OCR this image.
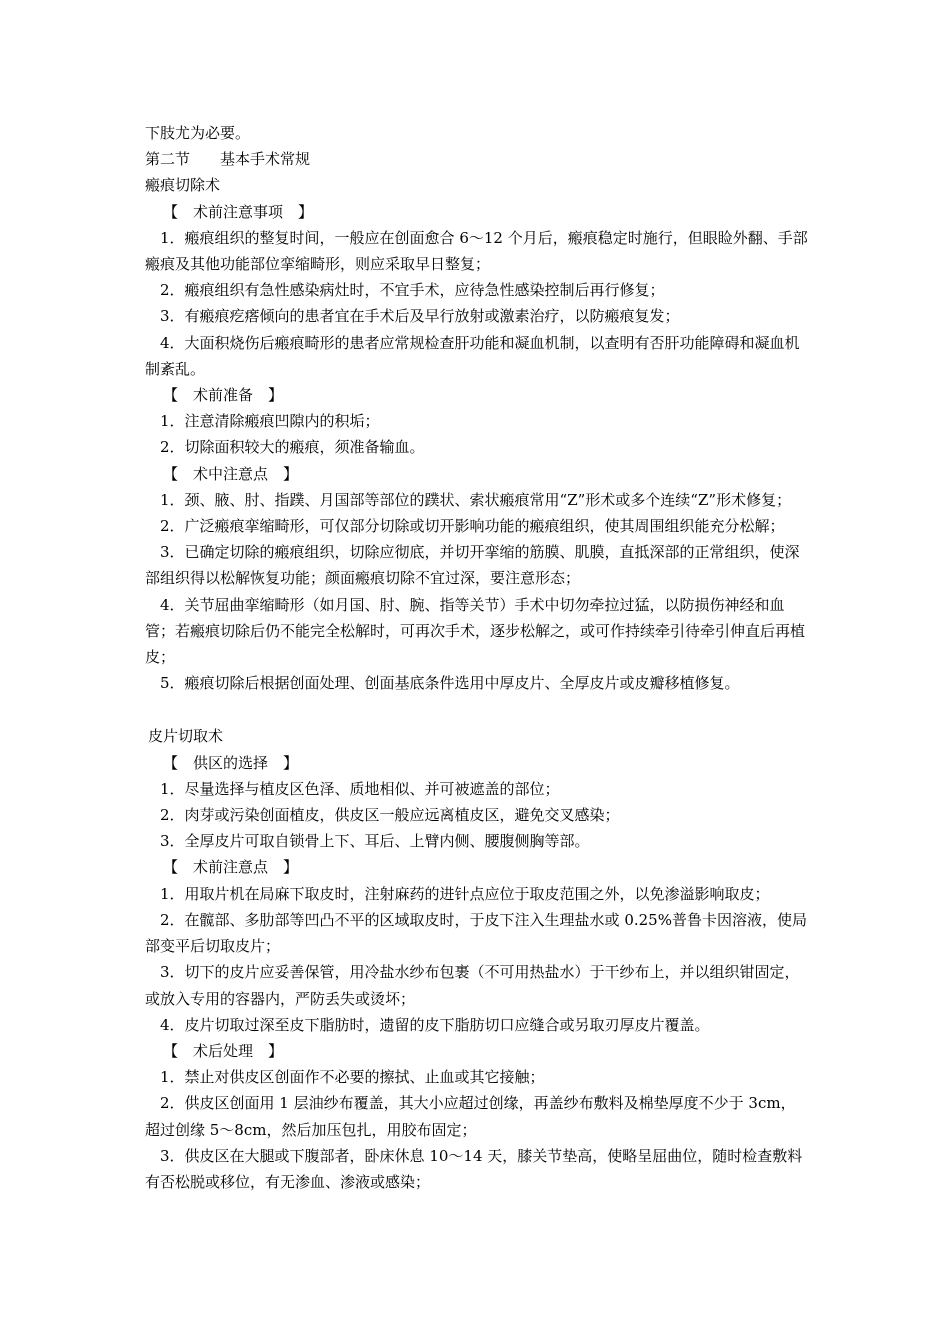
下肢尤为必要。

第二节　　基本手术常规

瘢痕切除术

【　术前注意事项　】

1．瘢痕组织的整复时间，一般应在创面愈合 6～12 个月后，瘢痕稳定时施行，但眼睑外翻、手部瘢痕及其他功能部位挛缩畸形，则应采取早日整复；

2．瘢痕组织有急性感染病灶时，不宜手术，应待急性感染控制后再行修复；

3．有瘢痕疙瘩倾向的患者宜在手术后及早行放射或激素治疗，以防瘢痕复发；

4．大面积烧伤后瘢痕畸形的患者应常规检查肝功能和凝血机制，以查明有否肝功能障碍和凝血机制紊乱。

【　术前准备　】

1．注意清除瘢痕凹隙内的积垢；

2．切除面积较大的瘢痕，须准备输血。

【　术中注意点　】

1．颈、腋、肘、指蹼、月国部等部位的蹼状、索状瘢痕常用“Z”形术或多个连续“Z”形术修复；

2．广泛瘢痕挛缩畸形，可仅部分切除或切开影响功能的瘢痕组织，使其周围组织能充分松解；

3．已确定切除的瘢痕组织，切除应彻底，并切开挛缩的筋膜、肌膜，直抵深部的正常组织，使深部组织得以松解恢复功能；颜面瘢痕切除不宜过深，要注意形态；

4．关节屈曲挛缩畸形（如月国、肘、腕、指等关节）手术中切勿牵拉过猛，以防损伤神经和血管；若瘢痕切除后仍不能完全松解时，可再次手术，逐步松解之，或可作持续牵引待牵引伸直后再植皮；

5．瘢痕切除后根据创面处理、创面基底条件选用中厚皮片、全厚皮片或皮瓣移植修复。

皮片切取术

【　供区的选择　】

1．尽量选择与植皮区色泽、质地相似、并可被遮盖的部位；

2．肉芽或污染创面植皮，供皮区一般应远离植皮区，避免交叉感染；

3．全厚皮片可取自锁骨上下、耳后、上臂内侧、腰腹侧胸等部。

【　术前注意点　】

1．用取片机在局麻下取皮时，注射麻药的进针点应位于取皮范围之外，以免渗溢影响取皮；

2．在髋部、多肋部等凹凸不平的区域取皮时，于皮下注入生理盐水或 0.25%普鲁卡因溶液，使局部变平后切取皮片；

3．切下的皮片应妥善保管，用冷盐水纱布包裹（不可用热盐水）于干纱布上，并以组织钳固定，或放入专用的容器内，严防丢失或烫坏；

4．皮片切取过深至皮下脂肪时，遗留的皮下脂肪切口应缝合或另取刃厚皮片覆盖。

【　术后处理　】

1．禁止对供皮区创面作不必要的擦拭、止血或其它接触；

2．供皮区创面用 1 层油纱布覆盖，其大小应超过创缘，再盖纱布敷料及棉垫厚度不少于 3cm，超过创缘 5～8cm，然后加压包扎，用胶布固定；

3．供皮区在大腿或下腹部者，卧床休息 10～14 天，膝关节垫高，使略呈屈曲位，随时检查敷料有否松脱或移位，有无渗血、渗液或感染；
